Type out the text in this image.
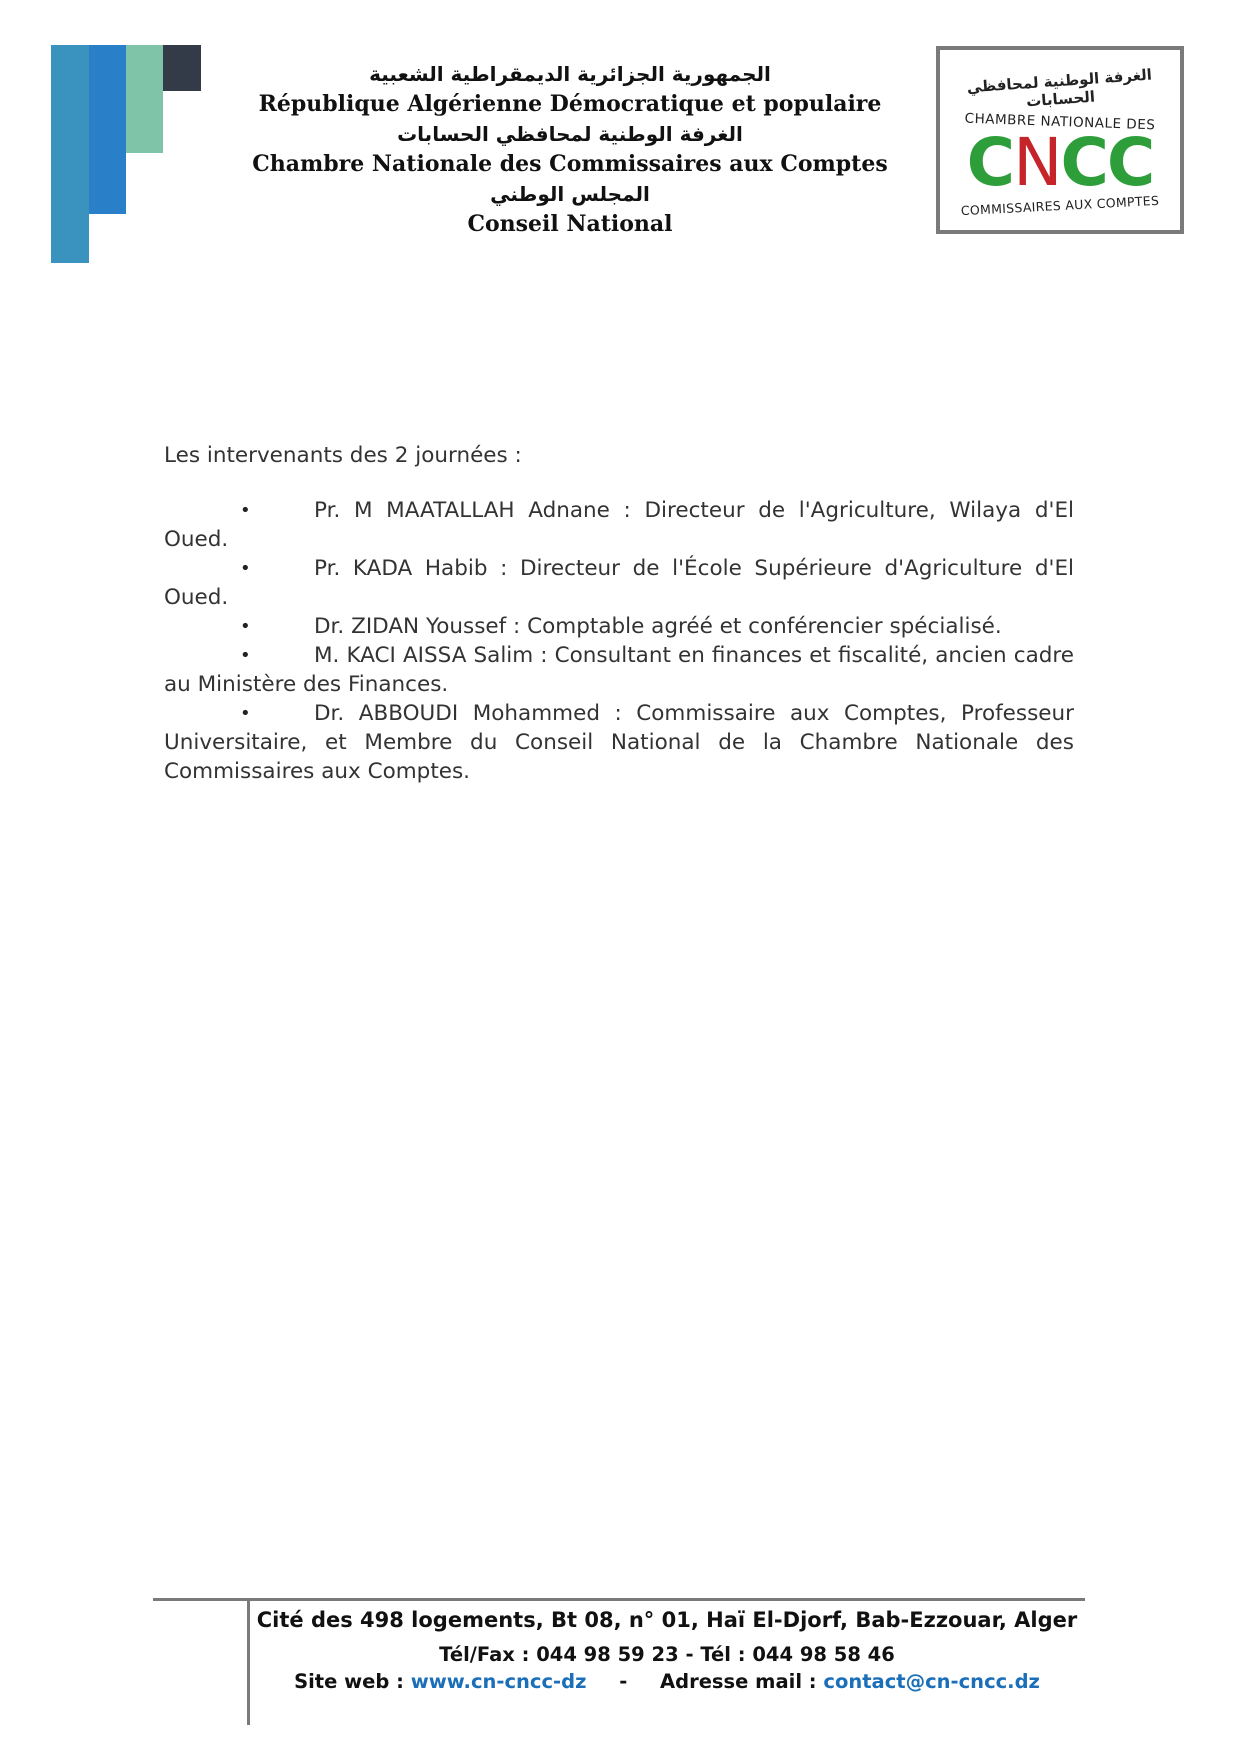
الجمهورية الجزائرية الديمقراطية الشعبية
République Algérienne Démocratique et populaire
الغرفة الوطنية لمحافظي الحسابات
Chambre Nationale des Commissaires aux Comptes
المجلس الوطني
Conseil National
الغرفة الوطنية لمحافظي الحسابات
CHAMBRE NATIONALE DES
CNCC
COMMISSAIRES AUX COMPTES

Les intervenants des 2 journées :

•	Pr. M MAATALLAH Adnane : Directeur de l'Agriculture, Wilaya d'El Oued.

•	Pr. KADA Habib : Directeur de l'École Supérieure d'Agriculture d'El Oued.

•	Dr. ZIDAN Youssef : Comptable agréé et conférencier spécialisé.

•	M. KACI AISSA Salim : Consultant en finances et fiscalité, ancien cadre au Ministère des Finances.

•	Dr. ABBOUDI Mohammed : Commissaire aux Comptes, Professeur Universitaire, et Membre du Conseil National de la Chambre Nationale des Commissaires aux Comptes.

Cité des 498 logements, Bt 08, n° 01, Haï El-Djorf, Bab-Ezzouar, Alger
Tél/Fax : 044 98 59 23 - Tél : 044 98 58 46
Site web : www.cn-cncc-dz - Adresse mail : contact@cn-cncc.dz
